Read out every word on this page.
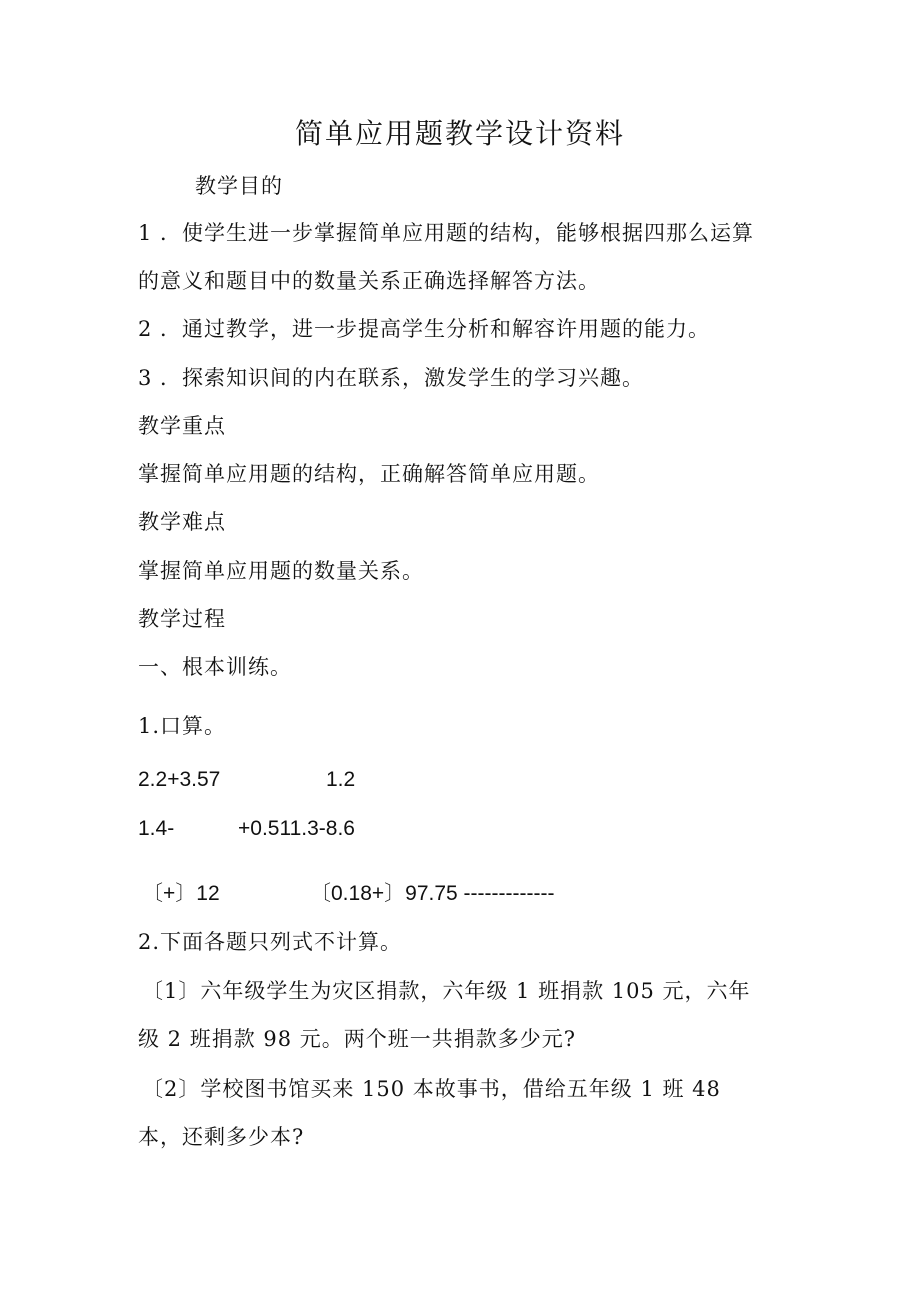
简单应用题教学设计资料
教学目的
1 ．使学生进一步掌握简单应用题的结构，能够根据四那么运算
的意义和题目中的数量关系正确选择解答方法。
2 ．通过教学，进一步提高学生分析和解容许用题的能力。
3 ．探索知识间的内在联系，激发学生的学习兴趣。
教学重点
掌握简单应用题的结构，正确解答简单应用题。
教学难点
掌握简单应用题的数量关系。
教学过程
一、根本训练。
1.口算。
2.2+3.57	1.2
1.4-	+0.511.3-8.6
〔+〕12	〔0.18+〕97.75 -------------
2.下面各题只列式不计算。
〔1〕六年级学生为灾区捐款，六年级 1 班捐款 105 元，六年
级 2 班捐款 98 元。两个班一共捐款多少元?
〔2〕学校图书馆买来 150 本故事书，借给五年级 1 班 48
本，还剩多少本?
